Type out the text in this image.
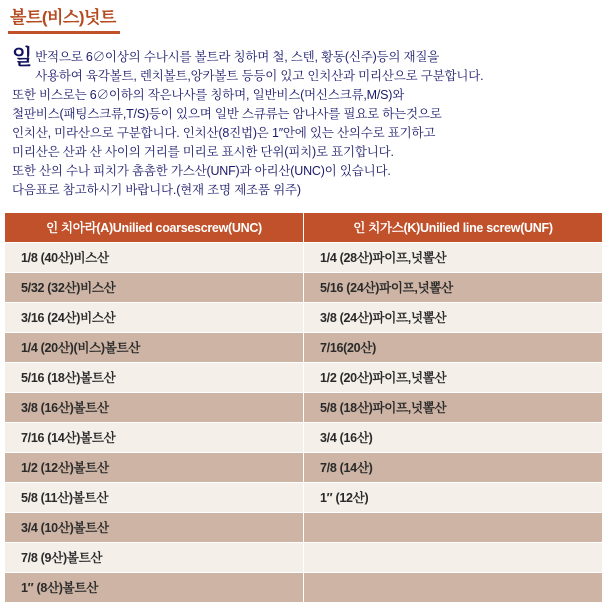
볼트(비스)넛트
일 반적으로 6∅이상의 수나시를 볼트라 칭하며 철, 스텐, 황동(신주)등의 재질을

사용하여 육각볼트, 렌치볼트,앙카볼트 등등이 있고 인치산과 미리산으로 구분합니다.

또한 비스로는 6∅이하의 작은나사를 칭하며, 일반비스(머신스크류,M/S)와

철판비스(패팅스크류,T/S)등이 있으며 일반 스큐류는 암나사를 필요로 하는것으로

인치산, 미라산으로 구분합니다. 인치산(8진법)은 1″안에 있는 산의수로 표기하고

미리산은 산과 산 사이의 거리를 미리로 표시한 단위(피치)로 표기합니다.

또한 산의 수나 피치가 촘촘한 가스산(UNF)과 아리산(UNC)이 있습니다.

다음표로 참고하시기 바랍니다.(현재 조명 제조품 위주)

인 치아라(A)Unilied coarsescrew(UNC)	인 치가스(K)Unilied line screw(UNF)
1/8 (40산)비스산	1/4 (28산)파이프,넛뽈산
5/32 (32산)비스산	5/16 (24산)파이프,넛뽈산
3/16 (24산)비스산	3/8 (24산)파이프,넛뽈산
1/4 (20산)(비스)볼트산	7/16(20산)
5/16 (18산)볼트산	1/2 (20산)파이프,넛뽈산
3/8 (16산)볼트산	5/8 (18산)파이프,넛뽈산
7/16 (14산)볼트산	3/4 (16산)
1/2 (12산)볼트산	7/8 (14산)
5/8 (11산)볼트산	1″ (12산)
3/4 (10산)볼트산	
7/8 (9산)볼트산	
1″ (8산)볼트산	
